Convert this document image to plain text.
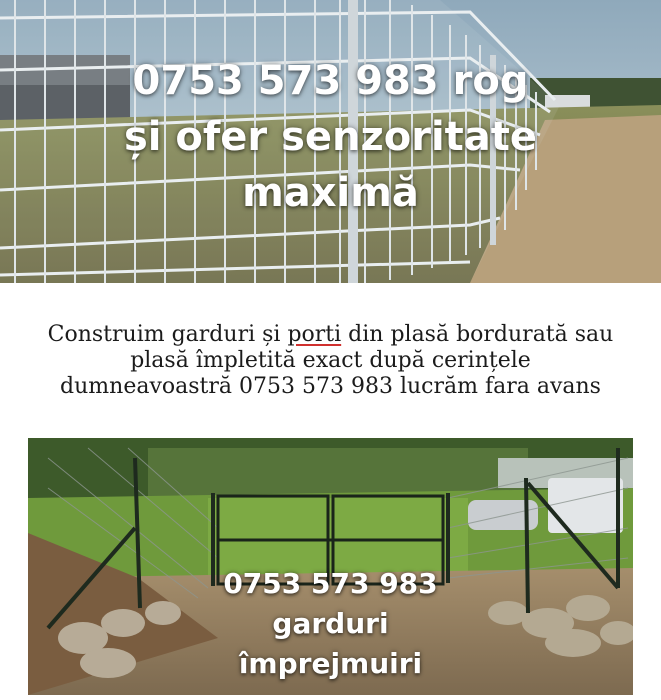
0753 573 983 rog
și ofer senzoritate
maximă
Construim garduri și porti din plasă bordurată sau
plasă împletită exact după cerințele
dumneavoastră 0753 573 983 lucrăm fara avans
0753 573 983
garduri
împrejmuiri
